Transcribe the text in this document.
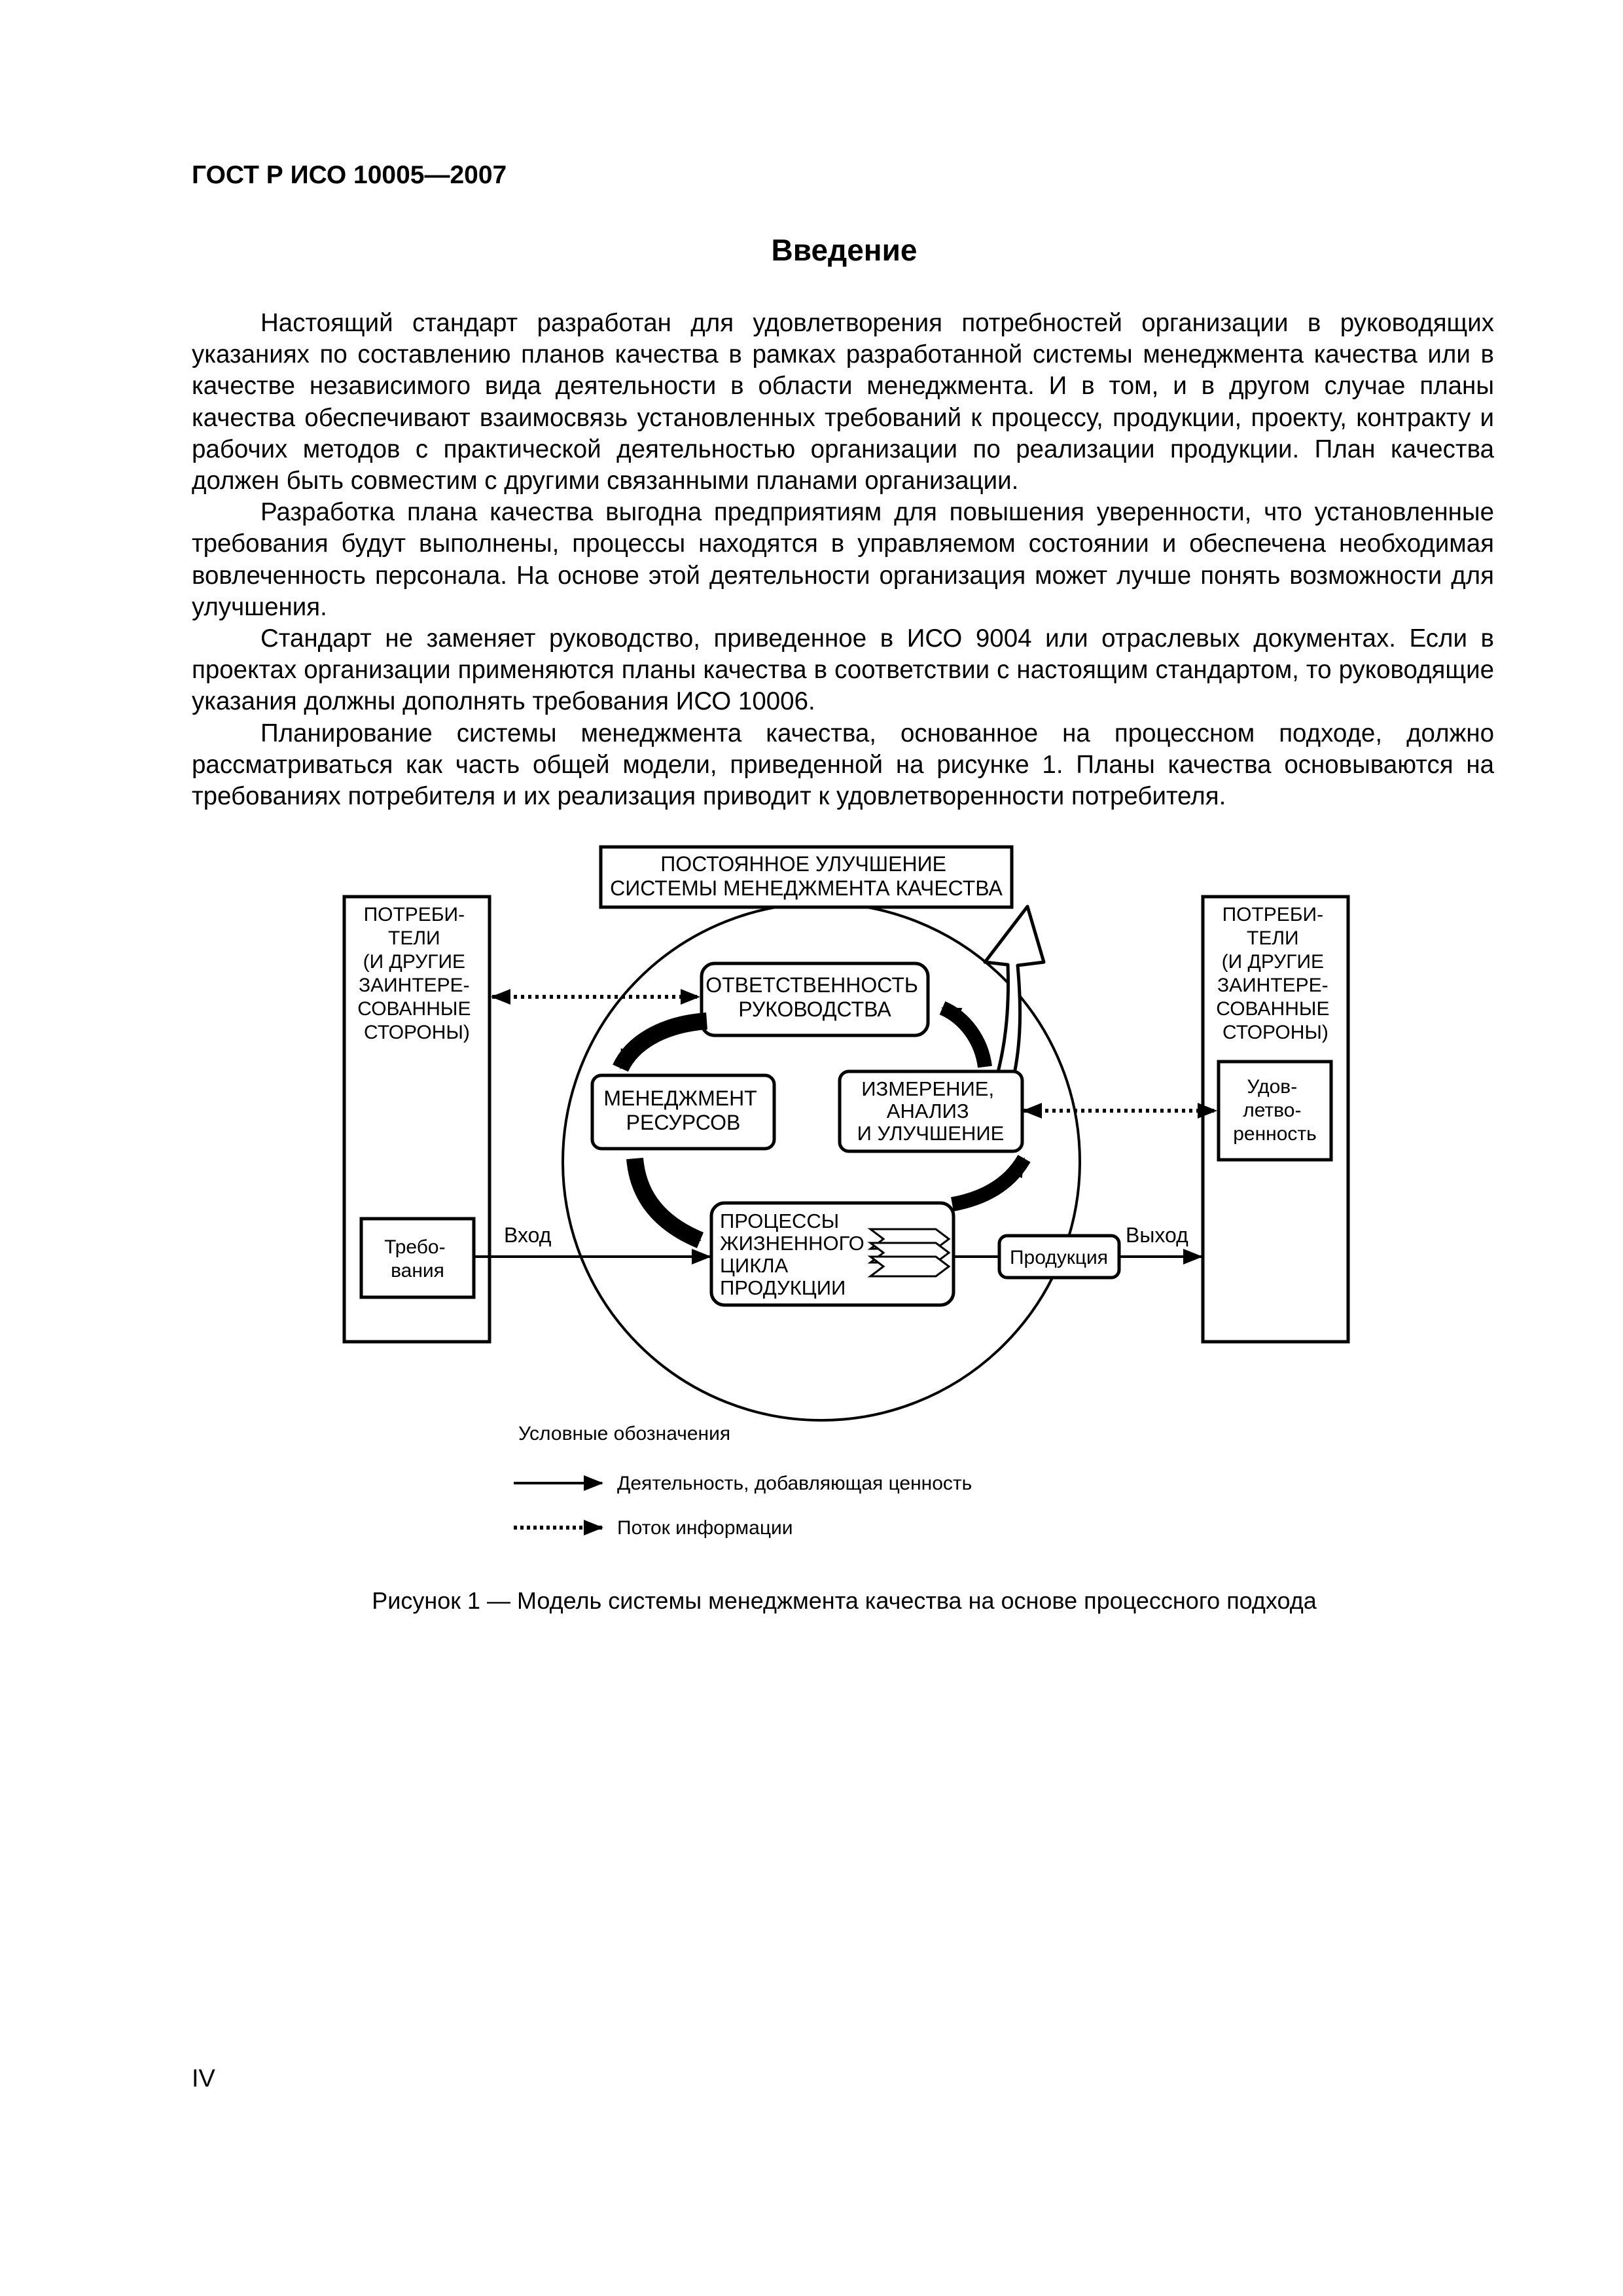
ГОСТ Р ИСО 10005—2007
Введение

Настоящий стандарт разработан для удовлетворения потребностей организации в руководящих указаниях по составлению планов качества в рамках разработанной системы менеджмента качества или в качестве независимого вида деятельности в области менеджмента. И в том, и в другом случае планы качества обеспечивают взаимосвязь установленных требований к процессу, продукции, проекту, контракту и рабочих методов с практической деятельностью организации по реализации продукции. План качества должен быть совместим с другими связанными планами организации.

Разработка плана качества выгодна предприятиям для повышения уверенности, что установленные требования будут выполнены, процессы находятся в управляемом состоянии и обеспечена необходимая вовлеченность персонала. На основе этой деятельности организация может лучше понять возможности для улучшения.

Стандарт не заменяет руководство, приведенное в ИСО 9004 или отраслевых документах. Если в проектах организации применяются планы качества в соответствии с настоящим стандартом, то руководящие указания должны дополнять требования ИСО 10006.

Планирование системы менеджмента качества, основанное на процессном подходе, должно рассматриваться как часть общей модели, приведенной на рисунке 1. Планы качества основываются на требованиях потребителя и их реализация приводит к удовлетворенности потребителя.

ПОТРЕБИ- ТЕЛИ (И ДРУГИЕ ЗАИНТЕРЕ- СОВАННЫЕ СТОРОНЫ)
Требо- вания
ПОТРЕБИ- ТЕЛИ (И ДРУГИЕ ЗАИНТЕРЕ- СОВАННЫЕ СТОРОНЫ)
Удов- летво- ренность
ПОСТОЯННОЕ УЛУЧШЕНИЕ СИСТЕМЫ МЕНЕДЖМЕНТА КАЧЕСТВА
ОТВЕТСТВЕННОСТЬ РУКОВОДСТВА
МЕНЕДЖМЕНТ РЕСУРСОВ
ИЗМЕРЕНИЕ, АНАЛИЗ И УЛУЧШЕНИЕ
ПРОЦЕССЫ ЖИЗНЕННОГО ЦИКЛА ПРОДУКЦИИ
Продукция
Вход	Выход
Условные обозначения
Деятельность, добавляющая ценность
Поток информации
Рисунок 1 — Модель системы менеджмента качества на основе процессного подхода
IV
